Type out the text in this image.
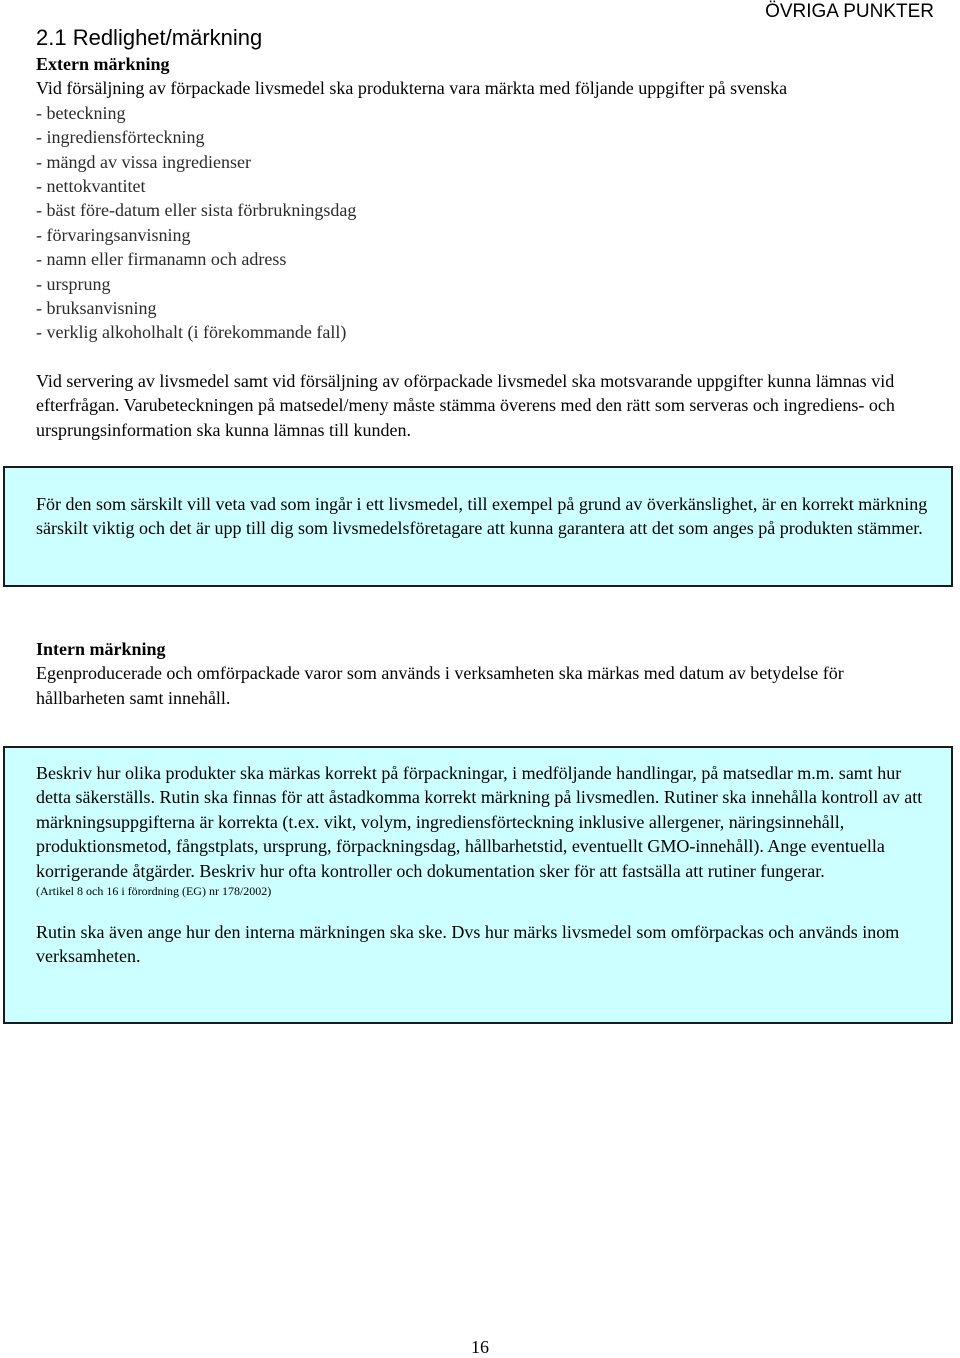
ÖVRIGA PUNKTER
2.1 Redlighet/märkning

Extern märkning

Vid försäljning av förpackade livsmedel ska produkterna vara märkta med följande uppgifter på svenska

- beteckning
- ingrediensförteckning
- mängd av vissa ingredienser
- nettokvantitet
- bäst före-datum eller sista förbrukningsdag
- förvaringsanvisning
- namn eller firmanamn och adress
- ursprung
- bruksanvisning
- verklig alkoholhalt (i förekommande fall)

Vid servering av livsmedel samt vid försäljning av oförpackade livsmedel ska motsvarande uppgifter kunna lämnas vid efterfrågan. Varubeteckningen på matsedel/meny måste stämma överens med den rätt som serveras och ingrediens- och ursprungsinformation ska kunna lämnas till kunden.

För den som särskilt vill veta vad som ingår i ett livsmedel, till exempel på grund av överkänslighet, är en korrekt märkning särskilt viktig och det är upp till dig som livsmedelsföretagare att kunna garantera att det som anges på produkten stämmer.

Intern märkning

Egenproducerade och omförpackade varor som används i verksamheten ska märkas med datum av betydelse för hållbarheten samt innehåll.

Beskriv hur olika produkter ska märkas korrekt på förpackningar, i medföljande handlingar, på matsedlar m.m. samt hur detta säkerställs. Rutin ska finnas för att åstadkomma korrekt märkning på livsmedlen. Rutiner ska innehålla kontroll av att märkningsuppgifterna är korrekta (t.ex. vikt, volym, ingrediensförteckning inklusive allergener, näringsinnehåll, produktionsmetod, fångstplats, ursprung, förpackningsdag, hållbarhetstid, eventuellt GMO-innehåll). Ange eventuella korrigerande åtgärder. Beskriv hur ofta kontroller och dokumentation sker för att fastsälla att rutiner fungerar.

(Artikel 8 och 16 i förordning (EG) nr 178/2002)

Rutin ska även ange hur den interna märkningen ska ske. Dvs hur märks livsmedel som omförpackas och används inom verksamheten.

16
